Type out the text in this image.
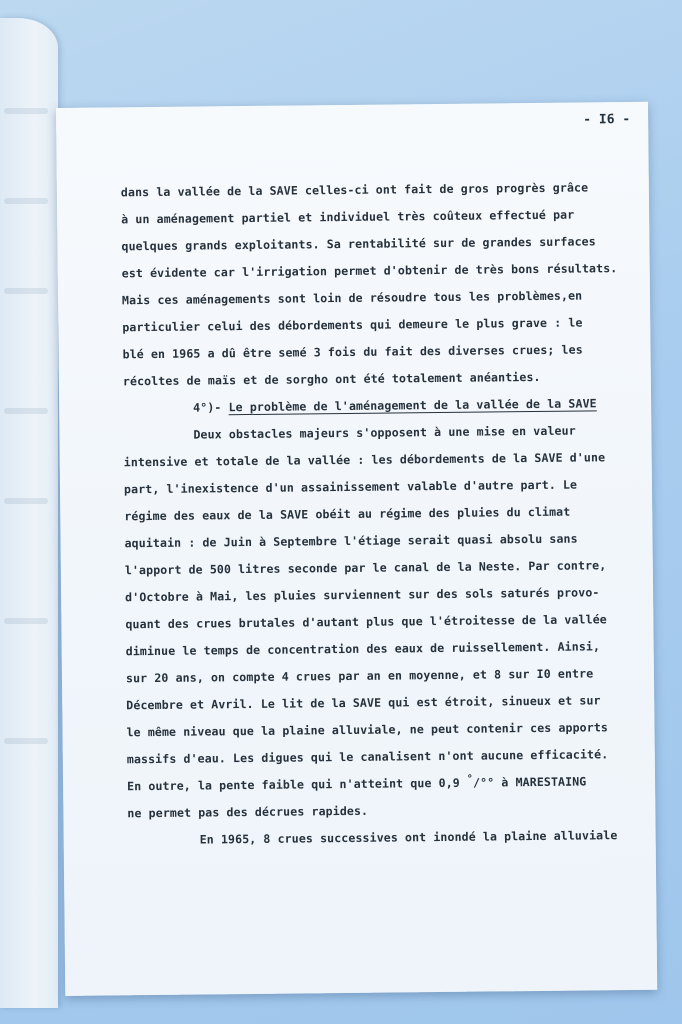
- I6 -
dans la vallée de la SAVE celles-ci ont fait de gros progrès grâce
à un aménagement partiel et individuel très coûteux effectué par
quelques grands exploitants. Sa rentabilité sur de grandes surfaces
est évidente car l'irrigation permet d'obtenir de très bons résultats.
Mais ces aménagements sont loin de résoudre tous les problèmes,en
particulier celui des débordements qui demeure le plus grave : le
blé en 1965 a dû être semé 3 fois du fait des diverses crues; les
récoltes de maïs et de sorgho ont été totalement anéanties.
4°)- Le problème de l'aménagement de la vallée de la SAVE
Deux obstacles majeurs s'opposent à une mise en valeur
intensive et totale de la vallée : les débordements de la SAVE d'une
part, l'inexistence d'un assainissement valable d'autre part. Le
régime des eaux de la SAVE obéit au régime des pluies du climat
aquitain : de Juin à Septembre l'étiage serait quasi absolu sans
l'apport de 500 litres seconde par le canal de la Neste. Par contre,
d'Octobre à Mai, les pluies surviennent sur des sols saturés provo-
quant des crues brutales d'autant plus que l'étroitesse de la vallée
diminue le temps de concentration des eaux de ruissellement. Ainsi,
sur 20 ans, on compte 4 crues par an en moyenne, et 8 sur I0 entre
Décembre et Avril. Le lit de la SAVE qui est étroit, sinueux et sur
le même niveau que la plaine alluviale, ne peut contenir ces apports
massifs d'eau. Les digues qui le canalisent n'ont aucune efficacité.
En outre, la pente faible qui n'atteint que 0,9 °/°° à MARESTAING
ne permet pas des décrues rapides.
En 1965, 8 crues successives ont inondé la plaine alluviale
